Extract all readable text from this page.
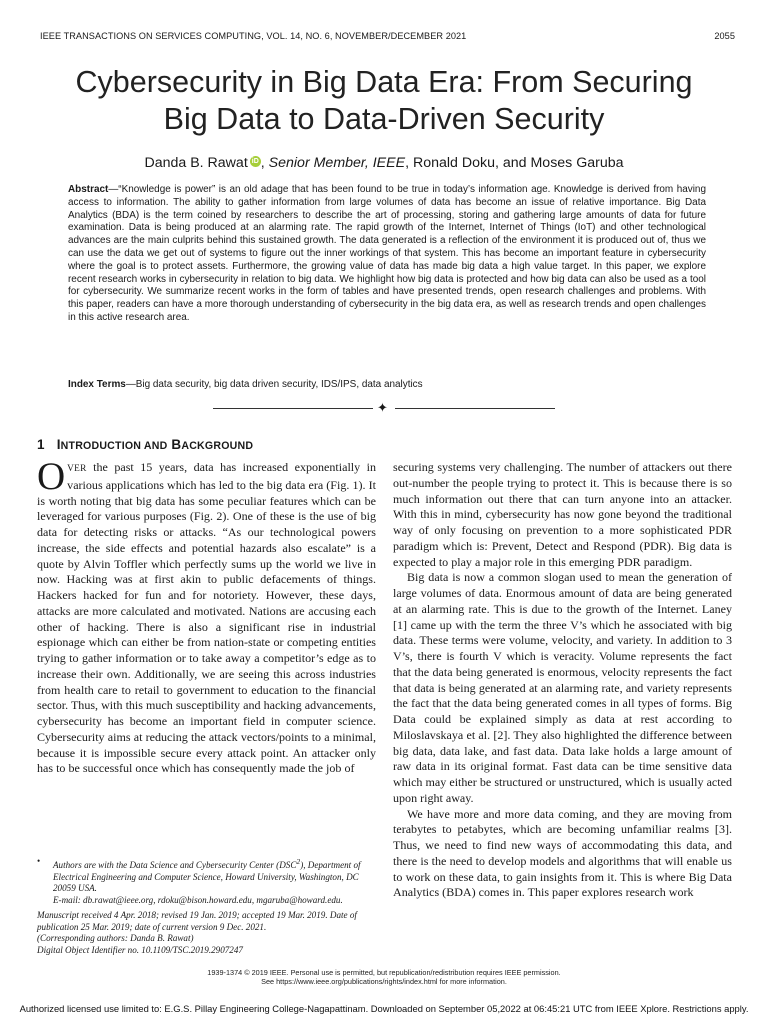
IEEE TRANSACTIONS ON SERVICES COMPUTING, VOL. 14, NO. 6, NOVEMBER/DECEMBER 2021	2055
Cybersecurity in Big Data Era: From Securing
Big Data to Data-Driven Security
Danda B. Rawat iD , Senior Member, IEEE, Ronald Doku, and Moses Garuba
Abstract—“Knowledge is power” is an old adage that has been found to be true in today’s information age. Knowledge is derived from having access to information. The ability to gather information from large volumes of data has become an issue of relative importance. Big Data Analytics (BDA) is the term coined by researchers to describe the art of processing, storing and gathering large amounts of data for future examination. Data is being produced at an alarming rate. The rapid growth of the Internet, Internet of Things (IoT) and other technological advances are the main culprits behind this sustained growth. The data generated is a reflection of the environment it is produced out of, thus we can use the data we get out of systems to figure out the inner workings of that system. This has become an important feature in cybersecurity where the goal is to protect assets. Furthermore, the growing value of data has made big data a high value target. In this paper, we explore recent research works in cybersecurity in relation to big data. We highlight how big data is protected and how big data can also be used as a tool for cybersecurity. We summarize recent works in the form of tables and have presented trends, open research challenges and problems. With this paper, readers can have a more thorough understanding of cybersecurity in the big data era, as well as research trends and open challenges in this active research area.
Index Terms—Big data security, big data driven security, IDS/IPS, data analytics
✦
1 INTRODUCTION AND BACKGROUND

OVER the past 15 years, data has increased exponentially in various applications which has led to the big data era (Fig. 1). It is worth noting that big data has some peculiar features which can be leveraged for various purposes (Fig. 2). One of these is the use of big data for detecting risks or attacks. “As our technological powers increase, the side effects and potential hazards also escalate” is a quote by Alvin Toffler which perfectly sums up the world we live in now. Hacking was at first akin to public defacements of things. Hackers hacked for fun and for notoriety. However, these days, attacks are more calculated and motivated. Nations are accusing each other of hacking. There is also a significant rise in industrial espionage which can either be from nation-state or competing entities trying to gather information or to take away a competitor’s edge as to increase their own. Additionally, we are seeing this across industries from health care to retail to government to education to the financial sector. Thus, with this much susceptibility and hacking advancements, cybersecurity has become an important field in computer science. Cybersecurity aims at reducing the attack vectors/points to a minimal, because it is impossible secure every attack point. An attacker only has to be successful once which has consequently made the job of

securing systems very challenging. The number of attackers out there out-number the people trying to protect it. This is because there is so much information out there that can turn anyone into an attacker. With this in mind, cybersecurity has now gone beyond the traditional way of only focusing on prevention to a more sophisticated PDR paradigm which is: Prevent, Detect and Respond (PDR). Big data is expected to play a major role in this emerging PDR paradigm.

Big data is now a common slogan used to mean the generation of large volumes of data. Enormous amount of data are being generated at an alarming rate. This is due to the growth of the Internet. Laney [1] came up with the term the three V’s which he associated with big data. These terms were volume, velocity, and variety. In addition to 3 V’s, there is fourth V which is veracity. Volume represents the fact that the data being generated is enormous, velocity represents the fact that data is being generated at an alarming rate, and variety represents the fact that the data being generated comes in all types of forms. Big Data could be explained simply as data at rest according to Miloslavskaya et al. [2]. They also highlighted the difference between big data, data lake, and fast data. Data lake holds a large amount of raw data in its original format. Fast data can be time sensitive data which may either be structured or unstructured, which is usually acted upon right away.

We have more and more data coming, and they are moving from terabytes to petabytes, which are becoming unfamiliar realms [3]. Thus, we need to find new ways of accommodating this data, and there is the need to develop models and algorithms that will enable us to work on these data, to gain insights from it. This is where Big Data Analytics (BDA) comes in. This paper explores research work

•	Authors are with the Data Science and Cybersecurity Center (DSC$^2$), Department of Electrical Engineering and Computer Science, Howard University, Washington, DC 20059 USA.

E-mail: db.rawat@ieee.org, rdoku@bison.howard.edu, mgaruba@howard.edu.

Manuscript received 4 Apr. 2018; revised 19 Jan. 2019; accepted 19 Mar. 2019. Date of publication 25 Mar. 2019; date of current version 9 Dec. 2021.

(Corresponding authors: Danda B. Rawat)

Digital Object Identifier no. 10.1109/TSC.2019.2907247

1939-1374 © 2019 IEEE. Personal use is permitted, but republication/redistribution requires IEEE permission.
See https://www.ieee.org/publications/rights/index.html for more information.
Authorized licensed use limited to: E.G.S. Pillay Engineering College-Nagapattinam. Downloaded on September 05,2022 at 06:45:21 UTC from IEEE Xplore. Restrictions apply.
